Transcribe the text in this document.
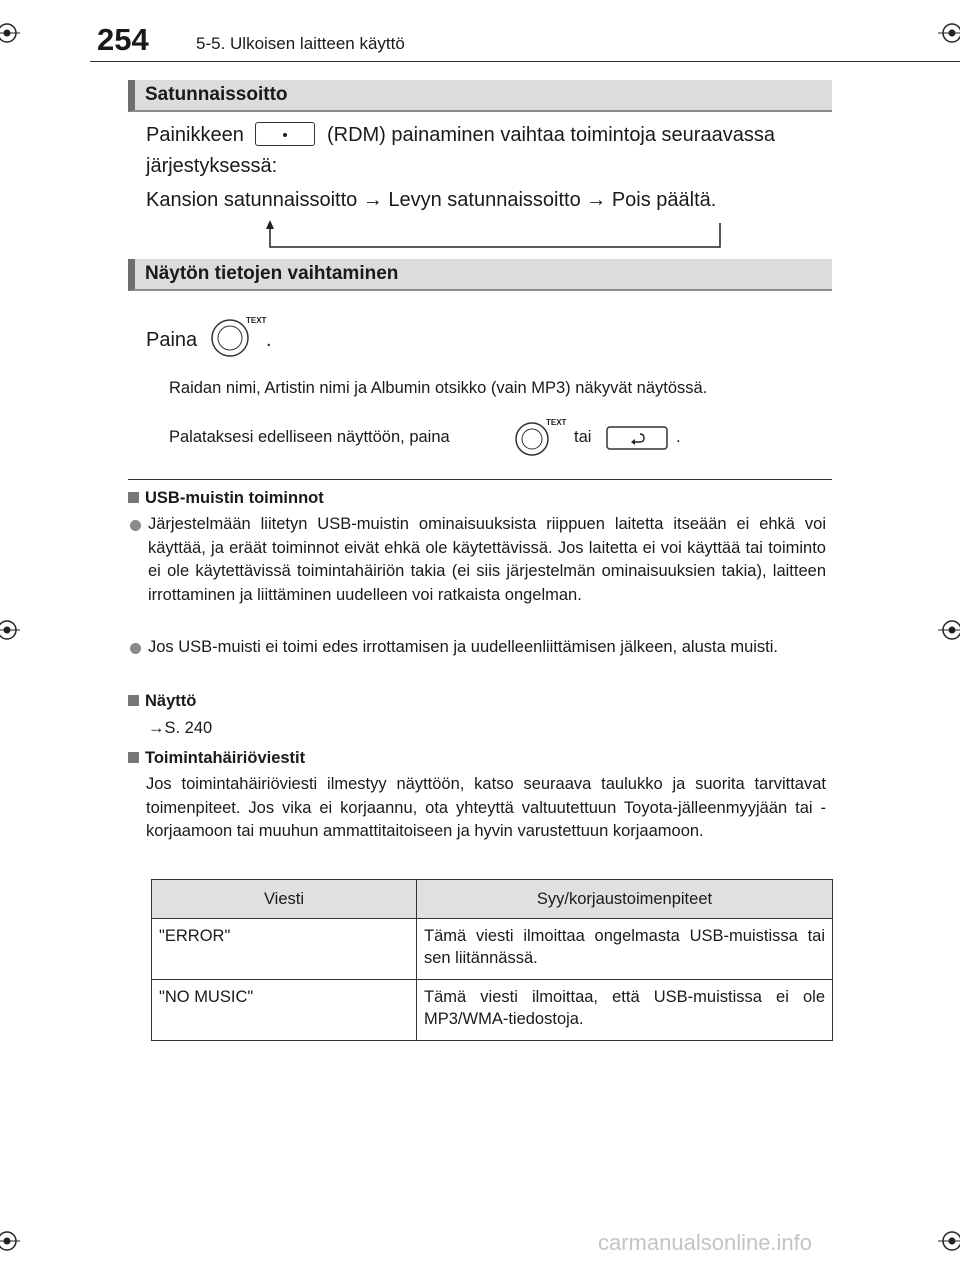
254	5-5. Ulkoisen laitteen käyttö
Satunnaissoitto
Painikkeen	(RDM) painaminen vaihtaa toimintoja seuraavassa
järjestyksessä:
Kansion satunnaissoitto → Levyn satunnaissoitto → Pois päältä.
Näytön tietojen vaihtaminen
Paina
TEXT
.
Raidan nimi, Artistin nimi ja Albumin otsikko (vain MP3) näkyvät näytössä.
Palataksesi edelliseen näyttöön, paina
TEXT
tai	.
USB-muistin toiminnot
Järjestelmään liitetyn USB-muistin ominaisuuksista riippuen laitetta itseään ei ehkä voi käyttää, ja eräät toiminnot eivät ehkä ole käytettävissä. Jos laitetta ei voi käyttää tai toiminto ei ole käytettävissä toimintahäiriön takia (ei siis järjestelmän ominaisuuksien takia), laitteen irrottaminen ja liittäminen uudelleen voi ratkaista ongelman.
Jos USB-muisti ei toimi edes irrottamisen ja uudelleenliittämisen jälkeen, alusta muisti.
Näyttö
→S. 240
Toimintahäiriöviestit
Jos toimintahäiriöviesti ilmestyy näyttöön, katso seuraava taulukko ja suorita tarvittavat toimenpiteet. Jos vika ei korjaannu, ota yhteyttä valtuutettuun Toyota-jälleenmyyjään tai -korjaamoon tai muuhun ammattitaitoiseen ja hyvin varustettuun korjaamoon.
Viesti	Syy/korjaustoimenpiteet
"ERROR"	Tämä viesti ilmoittaa ongelmasta USB-muistissa tai sen liitännässä.
"NO MUSIC"	Tämä viesti ilmoittaa, että USB-muistissa ei ole MP3/WMA-tiedostoja.
carmanualsonline.info
